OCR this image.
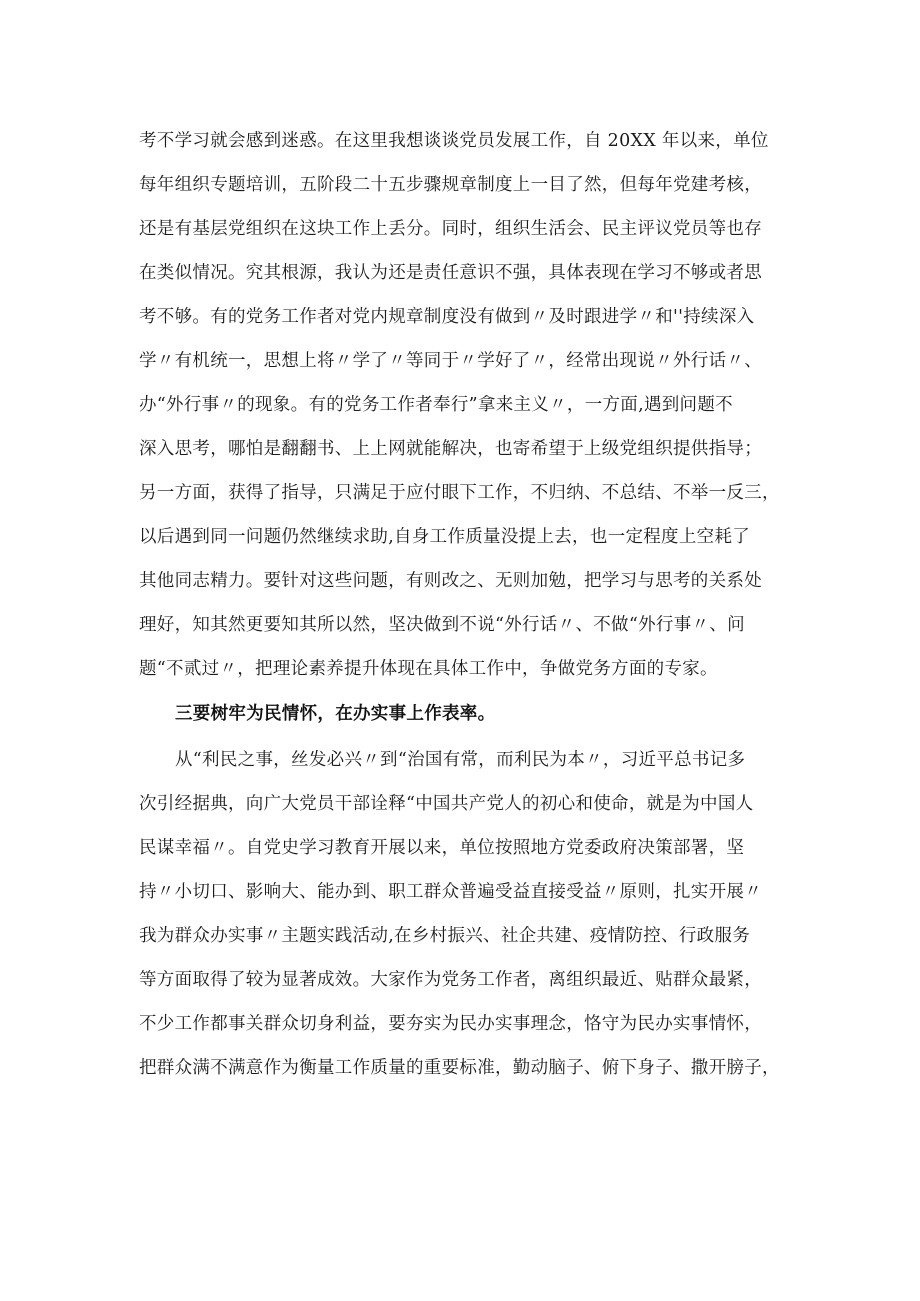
考不学习就会感到迷惑。在这里我想谈谈党员发展工作，自 20XX 年以来，单位
每年组织专题培训，五阶段二十五步骤规章制度上一目了然，但每年党建考核，
还是有基层党组织在这块工作上丢分。同时，组织生活会、民主评议党员等也存
在类似情况。究其根源，我认为还是责任意识不强，具体表现在学习不够或者思
考不够。有的党务工作者对党内规章制度没有做到〃及时跟进学〃和''持续深入
学〃有机统一，思想上将〃学了〃等同于〃学好了〃，经常出现说〃外行话〃、
办“外行事〃的现象。有的党务工作者奉行”拿来主义〃，一方面,遇到问题不
深入思考，哪怕是翻翻书、上上网就能解决，也寄希望于上级党组织提供指导；
另一方面，获得了指导，只满足于应付眼下工作，不归纳、不总结、不举一反三，
以后遇到同一问题仍然继续求助,自身工作质量没提上去，也一定程度上空耗了
其他同志精力。要针对这些问题，有则改之、无则加勉，把学习与思考的关系处
理好，知其然更要知其所以然，坚决做到不说“外行话〃、不做“外行事〃、问
题“不贰过〃，把理论素养提升体现在具体工作中，争做党务方面的专家。
三要树牢为民情怀，在办实事上作表率。
从“利民之事，丝发必兴〃到“治国有常，而利民为本〃，习近平总书记多
次引经据典，向广大党员干部诠释“中国共产党人的初心和使命，就是为中国人
民谋幸福〃。自党史学习教育开展以来，单位按照地方党委政府决策部署，坚
持〃小切口、影响大、能办到、职工群众普遍受益直接受益〃原则，扎实开展〃
我为群众办实事〃主题实践活动,在乡村振兴、社企共建、疫情防控、行政服务
等方面取得了较为显著成效。大家作为党务工作者，离组织最近、贴群众最紧，
不少工作都事关群众切身利益，要夯实为民办实事理念，恪守为民办实事情怀，
把群众满不满意作为衡量工作质量的重要标准，勤动脑子、俯下身子、撒开膀子，
